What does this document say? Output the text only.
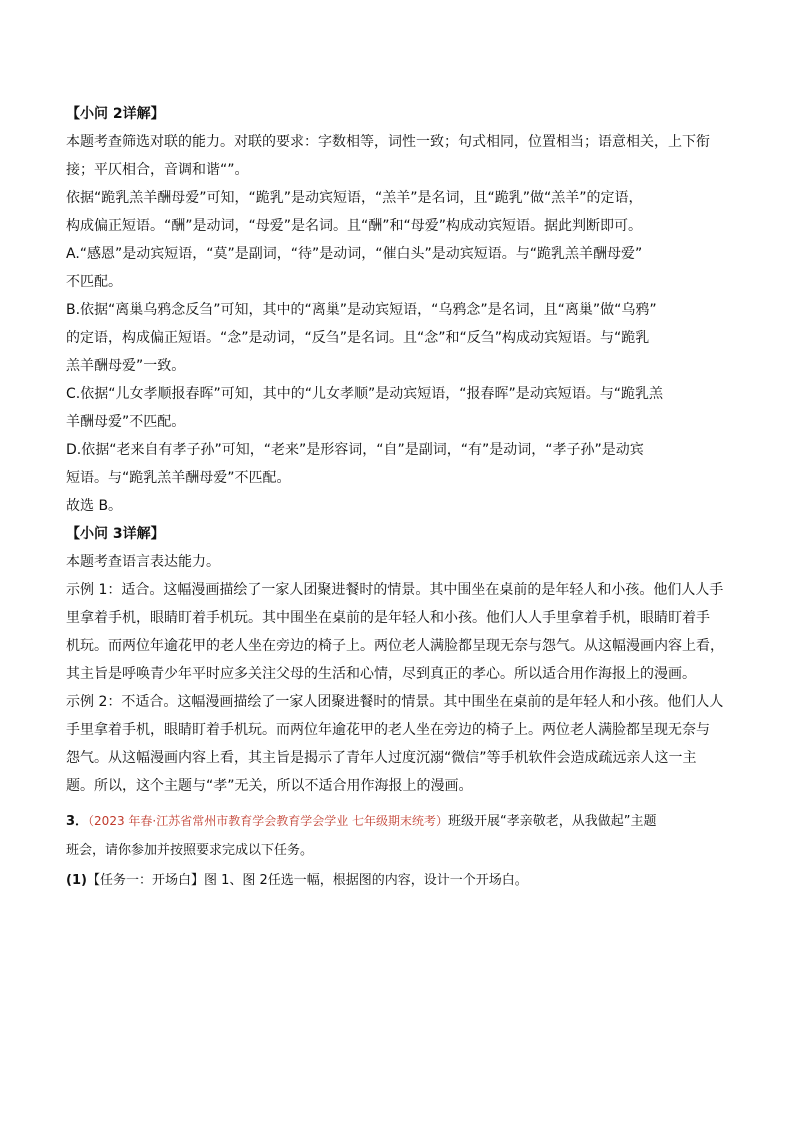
【小问 2详解】
本题考查筛选对联的能力。对联的要求：字数相等，词性一致；句式相同，位置相当；语意相关，上下衔
接；平仄相合，音调和谐“”。
依据“跪乳羔羊酬母爱”可知，“跪乳”是动宾短语，“羔羊”是名词，且“跪乳”做“羔羊”的定语，
构成偏正短语。“酬”是动词，“母爱”是名词。且“酬”和“母爱”构成动宾短语。据此判断即可。
A.“感恩”是动宾短语，“莫”是副词，“待”是动词，“催白头”是动宾短语。与“跪乳羔羊酬母爱”
不匹配。
B.依据“离巢乌鸦念反刍”可知，其中的“离巢”是动宾短语，“乌鸦念”是名词，且“离巢”做“乌鸦”
的定语，构成偏正短语。“念”是动词，“反刍”是名词。且“念”和“反刍”构成动宾短语。与“跪乳
羔羊酬母爱”一致。
C.依据“儿女孝顺报春晖”可知，其中的“儿女孝顺”是动宾短语，“报春晖”是动宾短语。与“跪乳羔
羊酬母爱”不匹配。
D.依据“老来自有孝子孙”可知，“老来”是形容词，“自”是副词，“有”是动词，“孝子孙”是动宾
短语。与“跪乳羔羊酬母爱”不匹配。
故选 B。
【小问 3详解】
本题考查语言表达能力。
示例 1：适合。这幅漫画描绘了一家人团聚进餐时的情景。其中围坐在桌前的是年轻人和小孩。他们人人手
里拿着手机，眼睛盯着手机玩。其中围坐在桌前的是年轻人和小孩。他们人人手里拿着手机，眼睛盯着手
机玩。而两位年逾花甲的老人坐在旁边的椅子上。两位老人满脸都呈现无奈与怨气。从这幅漫画内容上看，
其主旨是呼唤青少年平时应多关注父母的生活和心情，尽到真正的孝心。所以适合用作海报上的漫画。
示例 2：不适合。这幅漫画描绘了一家人团聚进餐时的情景。其中围坐在桌前的是年轻人和小孩。他们人人
手里拿着手机，眼睛盯着手机玩。而两位年逾花甲的老人坐在旁边的椅子上。两位老人满脸都呈现无奈与
怨气。从这幅漫画内容上看，其主旨是揭示了青年人过度沉溺“微信”等手机软件会造成疏远亲人这一主
题。所以，这个主题与“孝”无关，所以不适合用作海报上的漫画。
3．（2023 年春·江苏省常州市教育学会教育学会学业 七年级期末统考）班级开展“孝亲敬老，从我做起”主题
班会，请你参加并按照要求完成以下任务。
(1)【任务一：开场白】图 1、图 2任选一幅，根据图的内容，设计一个开场白。
